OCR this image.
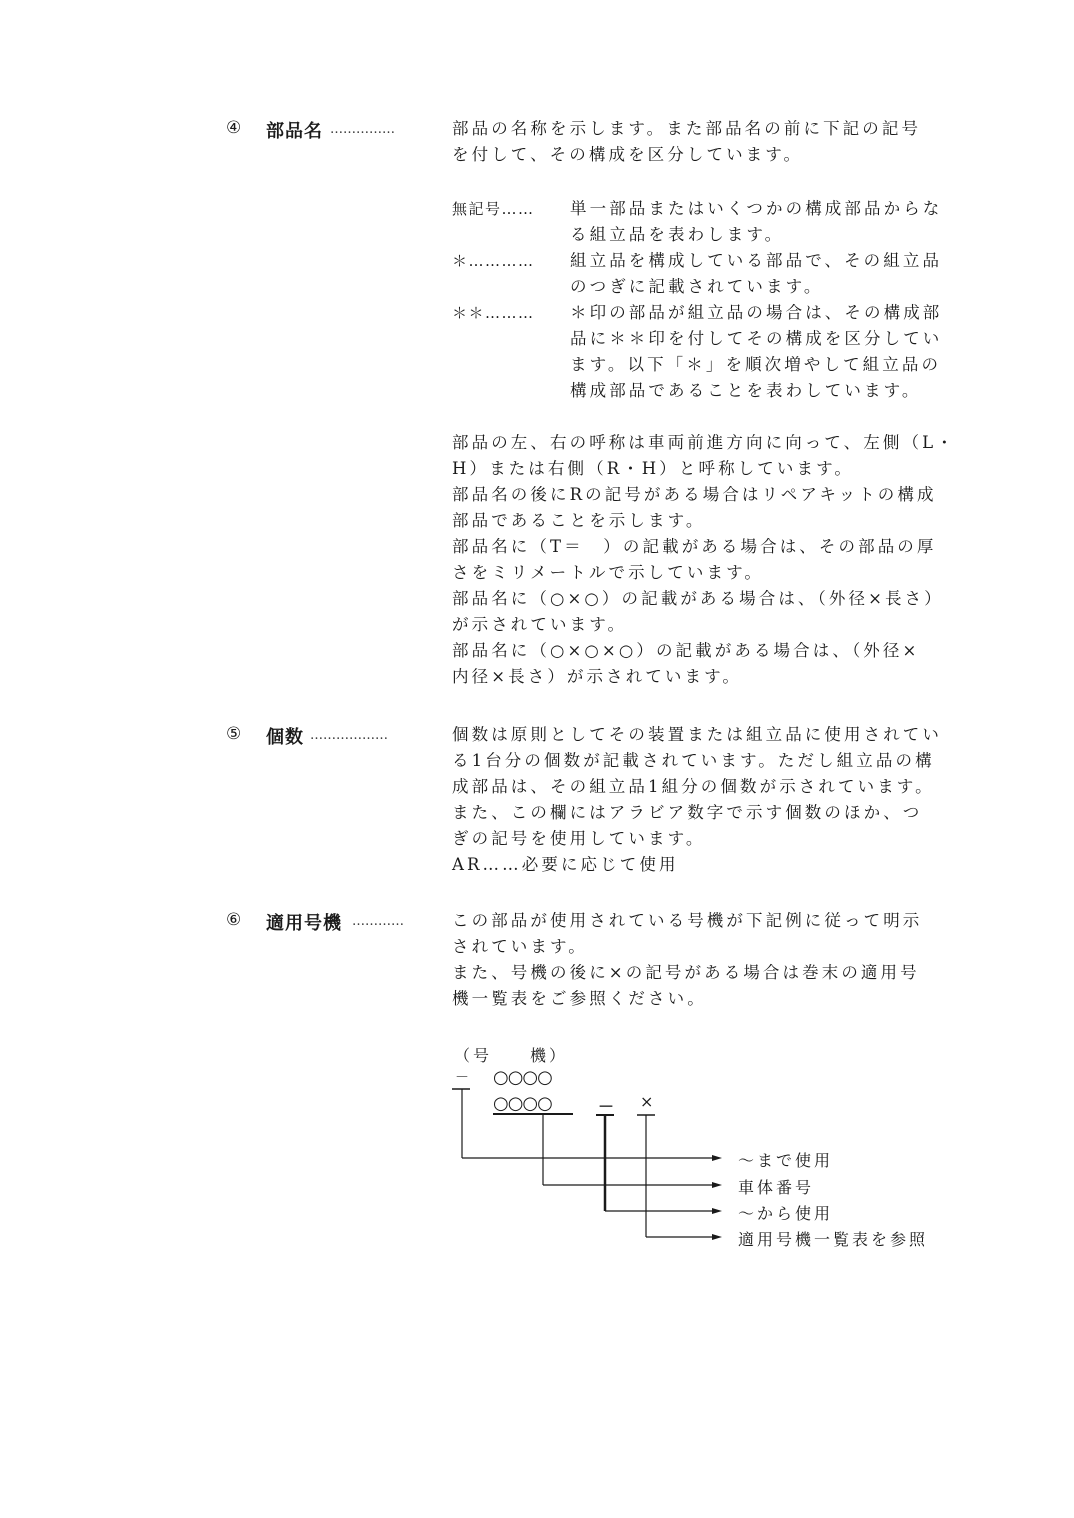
④ 部品名 ……………	部品の名称を示します。また部品名の前に下記の記号
を付して、その構成を区分しています。
無記号…… 単一部品またはいくつかの構成部品からな
る組立品を表わします。
＊………… 組立品を構成している部品で、その組立品
のつぎに記載されています。
＊＊……… ＊印の部品が組立品の場合は、その構成部
品に＊＊印を付してその構成を区分してい
ます。以下「＊」を順次増やして組立品の
構成部品であることを表わしています。
部品の左、右の呼称は車両前進方向に向って、左側（L・
H）または右側（R・H）と呼称しています。
部品名の後にRの記号がある場合はリペアキットの構成
部品であることを示します。
部品名に（T＝　）の記載がある場合は、その部品の厚
さをミリメートルで示しています。
部品名に（○×○）の記載がある場合は、（外径×長さ）
が示されています。
部品名に（○×○×○）の記載がある場合は、（外径×
内径×長さ）が示されています。
⑤ 個数 ………………	個数は原則としてその装置または組立品に使用されてい
る1台分の個数が記載されています。ただし組立品の構
成部品は、その組立品1組分の個数が示されています。
また、この欄にはアラビア数字で示す個数のほか、つ
ぎの記号を使用しています。
AR……必要に応じて使用
⑥ 適用号機 …………	この部品が使用されている号機が下記例に従って明示
されています。
また、号機の後に×の記号がある場合は巻末の適用号
機一覧表をご参照ください。
（号　　機）
－ ○○○○
○○○○	－ ×
～まで使用
車体番号
～から使用
適用号機一覧表を参照
